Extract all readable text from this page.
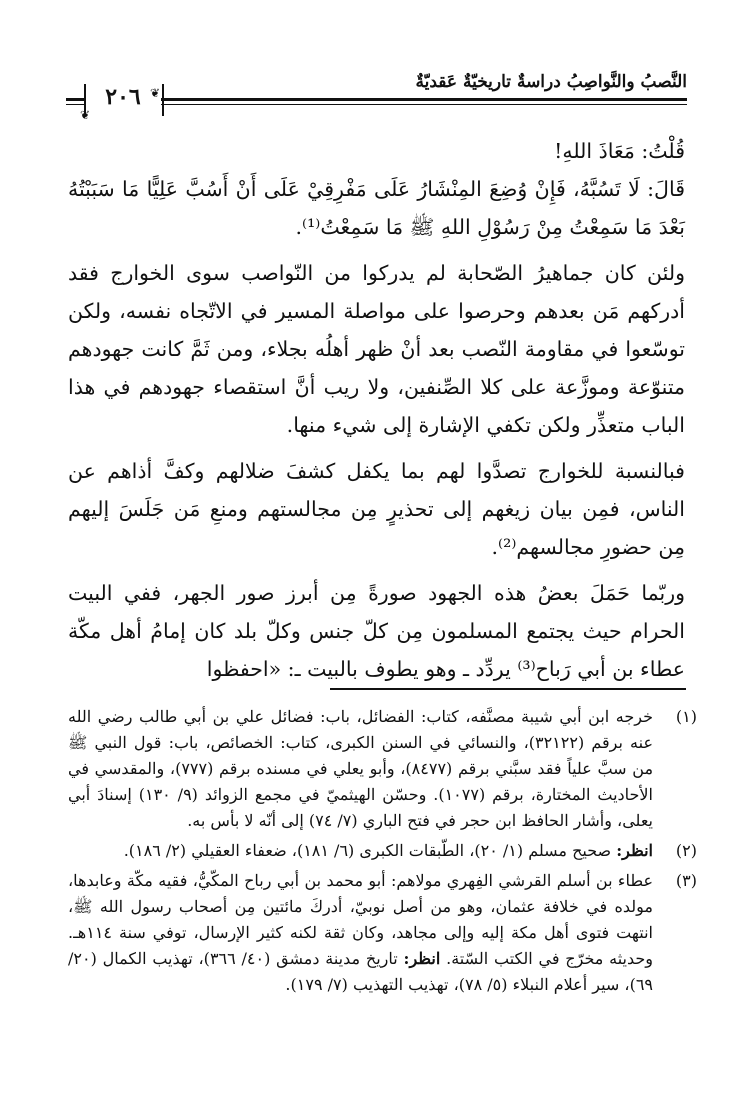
النَّصبُ والنَّواصِبُ دراسةٌ تاريخيّةٌ عَقديّةٌ
٢٠٦ ❦
❦

قُلْتُ: مَعَاذَ اللهِ!

قَالَ: لَا تَسُبَّهُ، فَإِنْ وُضِعَ المِنْشَارُ عَلَى مَفْرِقِيْ عَلَى أَنْ أَسُبَّ عَلِيًّا مَا سَبَبْتُهُ بَعْدَ مَا سَمِعْتُ مِنْ رَسُوْلِ اللهِ ﷺ مَا سَمِعْتُ⁽¹⁾.

ولئن كان جماهيرُ الصّحابة لم يدركوا من النّواصب سوى الخوارج فقد أدركهم مَن بعدهم وحرصوا على مواصلة المسير في الاتّجاه نفسه، ولكن توسّعوا في مقاومة النّصب بعد أنْ ظهر أهلُه بجلاء، ومن ثَمَّ كانت جهودهم متنوّعة وموزَّعة على كلا الصِّنفين، ولا ريب أنَّ استقصاء جهودهم في هذا الباب متعذِّر ولكن تكفي الإشارة إلى شيء منها.

فبالنسبة للخوارج تصدَّوا لهم بما يكفل كشفَ ضلالهم وكفَّ أذاهم عن الناس، فمِن بيان زيغهم إلى تحذيرٍ مِن مجالستهم ومنعِ مَن جَلَسَ إليهم مِن حضورِ مجالسهم⁽²⁾.

وربّما حَمَلَ بعضُ هذه الجهود صورةً مِن أبرز صور الجهر، ففي البيت الحرام حيث يجتمع المسلمون مِن كلّ جنس وكلّ بلد كان إمامُ أهل مكّة عطاء بن أبي رَباح⁽³⁾ يردِّد ـ وهو يطوف بالبيت ـ: «احفظوا

(١)
خرجه ابن أبي شيبة مصنَّفه، كتاب: الفضائل، باب: فضائل علي بن أبي طالب رضي الله عنه برقم (٣٢١٢٢)، والنسائي في السنن الكبرى، كتاب: الخصائص، باب: قول النبي ﷺ من سبَّ علياً فقد سبَّني برقم (٨٤٧٧)، وأبو يعلي في مسنده برقم (٧٧٧)، والمقدسي في الأحاديث المختارة، برقم (١٠٧٧). وحسّن الهيثميّ في مجمع الزوائد (٩/ ١٣٠) إسنادَ أبي يعلى، وأشار الحافظ ابن حجر في فتح الباري (٧/ ٧٤) إلى أنّه لا بأس به.
(٢)
انظر: صحيح مسلم (١/ ٢٠)، الطّبقات الكبرى (٦/ ١٨١)، ضعفاء العقيلي (٢/ ١٨٦).
(٣)
عطاء بن أسلم القرشي الفِهري مولاهم: أبو محمد بن أبي رباح المكّيُّ، فقيه مكّة وعابدها، مولده في خلافة عثمان، وهو من أصل نوبيّ، أدركَ مائتين مِن أصحاب رسول الله ﷺ، انتهت فتوى أهل مكة إليه وإلى مجاهد، وكان ثقة لكنه كثير الإرسال، توفي سنة ١١٤هـ. وحديثه مخرّج في الكتب السّتة. انظر: تاريخ مدينة دمشق (٤٠/ ٣٦٦)، تهذيب الكمال (٢٠/ ٦٩)، سير أعلام النبلاء (٥/ ٧٨)، تهذيب التهذيب (٧/ ١٧٩).
